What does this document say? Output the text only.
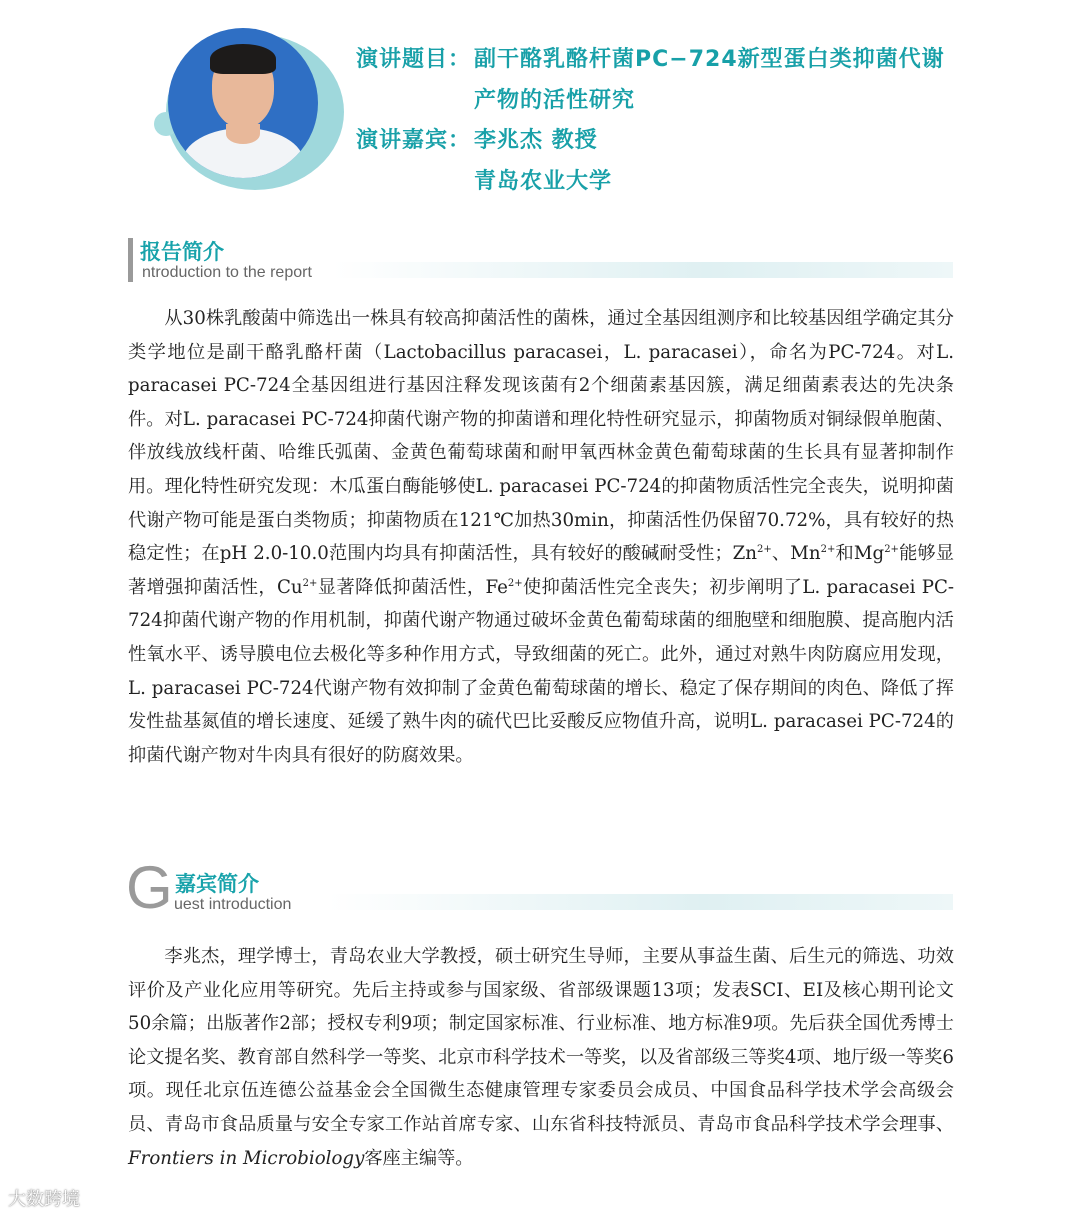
演讲题目： 副干酪乳酪杆菌PC−724新型蛋白类抑菌代谢
产物的活性研究
演讲嘉宾： 李兆杰 教授
青岛农业大学
报告简介
ntroduction to the report

从30株乳酸菌中筛选出一株具有较高抑菌活性的菌株，通过全基因组测序和比较基因组学确定其分类学地位是副干酪乳酪杆菌（Lactobacillus paracasei，L. paracasei），命名为PC-724。对L. paracasei PC-724全基因组进行基因注释发现该菌有2个细菌素基因簇，满足细菌素表达的先决条件。对L. paracasei PC-724抑菌代谢产物的抑菌谱和理化特性研究显示，抑菌物质对铜绿假单胞菌、伴放线放线杆菌、哈维氏弧菌、金黄色葡萄球菌和耐甲氧西林金黄色葡萄球菌的生长具有显著抑制作用。理化特性研究发现：木瓜蛋白酶能够使L. paracasei PC-724的抑菌物质活性完全丧失，说明抑菌代谢产物可能是蛋白类物质；抑菌物质在121℃加热30min，抑菌活性仍保留70.72%，具有较好的热稳定性；在pH 2.0-10.0范围内均具有抑菌活性，具有较好的酸碱耐受性；$Zn^{2+}$、$Mn^{2+}$和$Mg^{2+}$能够显著增强抑菌活性，$Cu^{2+}$显著降低抑菌活性，$Fe^{2+}$使抑菌活性完全丧失；初步阐明了L. paracasei PC-724抑菌代谢产物的作用机制，抑菌代谢产物通过破坏金黄色葡萄球菌的细胞壁和细胞膜、提高胞内活性氧水平、诱导膜电位去极化等多种作用方式，导致细菌的死亡。此外，通过对熟牛肉防腐应用发现，L. paracasei PC-724代谢产物有效抑制了金黄色葡萄球菌的增长、稳定了保存期间的肉色、降低了挥发性盐基氮值的增长速度、延缓了熟牛肉的硫代巴比妥酸反应物值升高，说明L. paracasei PC-724的抑菌代谢产物对牛肉具有很好的防腐效果。

G 嘉宾简介
uest introduction

李兆杰，理学博士，青岛农业大学教授，硕士研究生导师，主要从事益生菌、后生元的筛选、功效评价及产业化应用等研究。先后主持或参与国家级、省部级课题13项；发表SCI、EI及核心期刊论文50余篇；出版著作2部；授权专利9项；制定国家标准、行业标准、地方标准9项。先后获全国优秀博士论文提名奖、教育部自然科学一等奖、北京市科学技术一等奖，以及省部级三等奖4项、地厅级一等奖6项。现任北京伍连德公益基金会全国微生态健康管理专家委员会成员、中国食品科学技术学会高级会员、青岛市食品质量与安全专家工作站首席专家、山东省科技特派员、青岛市食品科学技术学会理事、Frontiers in Microbiology客座主编等。

大数跨境
